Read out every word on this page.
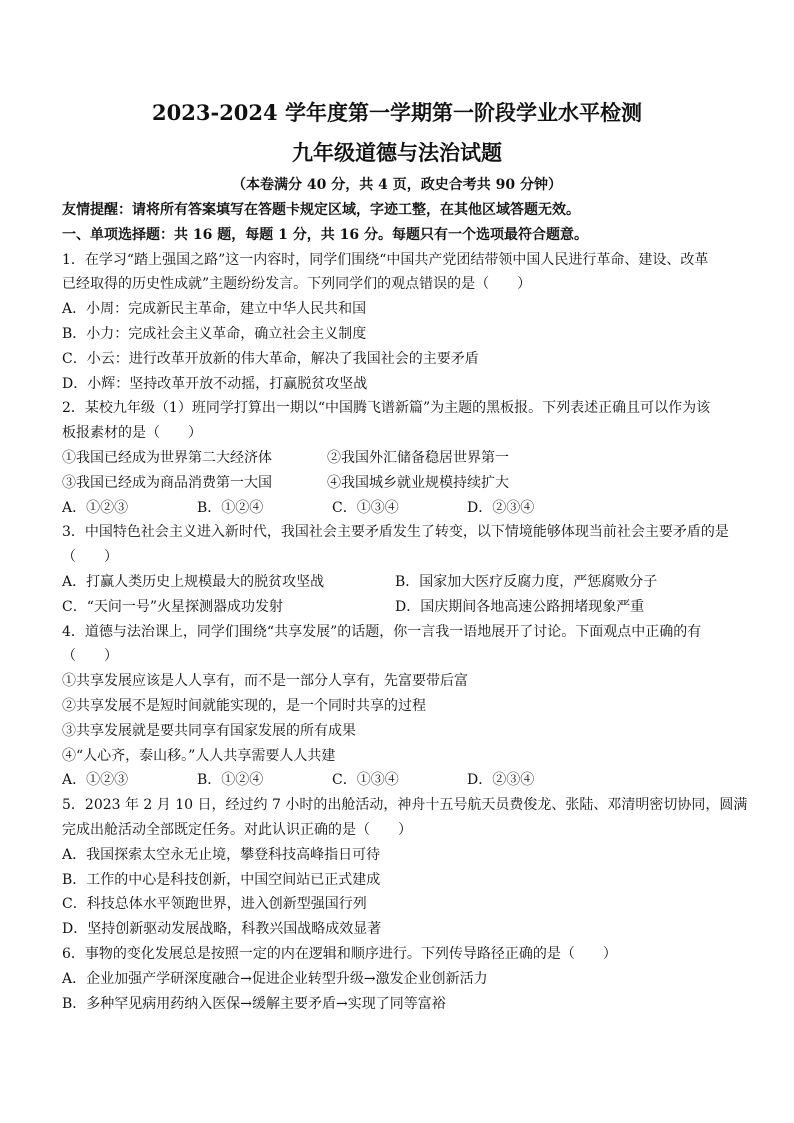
2023-2024 学年度第一学期第一阶段学业水平检测
九年级道德与法治试题
（本卷满分 40 分，共 4 页，政史合考共 90 分钟）
友情提醒：请将所有答案填写在答题卡规定区域，字迹工整，在其他区域答题无效。
一、单项选择题：共 16 题，每题 1 分，共 16 分。每题只有一个选项最符合题意。
1．在学习“踏上强国之路”这一内容时，同学们围绕“中国共产党团结带领中国人民进行革命、建设、改革
已经取得的历史性成就”主题纷纷发言。下列同学们的观点错误的是（　　）
A．小周：完成新民主革命，建立中华人民共和国
B．小力：完成社会主义革命，确立社会主义制度
C．小云：进行改革开放新的伟大革命，解决了我国社会的主要矛盾
D．小辉：坚持改革开放不动摇，打赢脱贫攻坚战
2．某校九年级（1）班同学打算出一期以“中国腾飞谱新篇”为主题的黑板报。下列表述正确且可以作为该
板报素材的是（　　）
①我国已经成为世界第二大经济体	②我国外汇储备稳居世界第一
③我国已经成为商品消费第一大国	④我国城乡就业规模持续扩大
A．①②③	B．①②④	C．①③④	D．②③④
3．中国特色社会主义进入新时代，我国社会主要矛盾发生了转变，以下情境能够体现当前社会主要矛盾的是
（　　）
A．打赢人类历史上规模最大的脱贫攻坚战	B．国家加大医疗反腐力度，严惩腐败分子
C．“天问一号”火星探测器成功发射	D．国庆期间各地高速公路拥堵现象严重
4．道德与法治课上，同学们围绕“共享发展”的话题，你一言我一语地展开了讨论。下面观点中正确的有
（　　）
①共享发展应该是人人享有，而不是一部分人享有，先富要带后富
②共享发展不是短时间就能实现的，是一个同时共享的过程
③共享发展就是要共同享有国家发展的所有成果
④“人心齐，泰山移。”人人共享需要人人共建
A．①②③	B．①②④	C．①③④	D．②③④
5．2023 年 2 月 10 日，经过约 7 小时的出舱活动，神舟十五号航天员费俊龙、张陆、邓清明密切协同，圆满
完成出舱活动全部既定任务。对此认识正确的是（　　）
A．我国探索太空永无止境，攀登科技高峰指日可待
B．工作的中心是科技创新，中国空间站已正式建成
C．科技总体水平领跑世界，进入创新型强国行列
D．坚持创新驱动发展战略，科教兴国战略成效显著
6．事物的变化发展总是按照一定的内在逻辑和顺序进行。下列传导路径正确的是（　　）
A．企业加强产学研深度融合→促进企业转型升级→激发企业创新活力
B．多种罕见病用药纳入医保→缓解主要矛盾→实现了同等富裕
